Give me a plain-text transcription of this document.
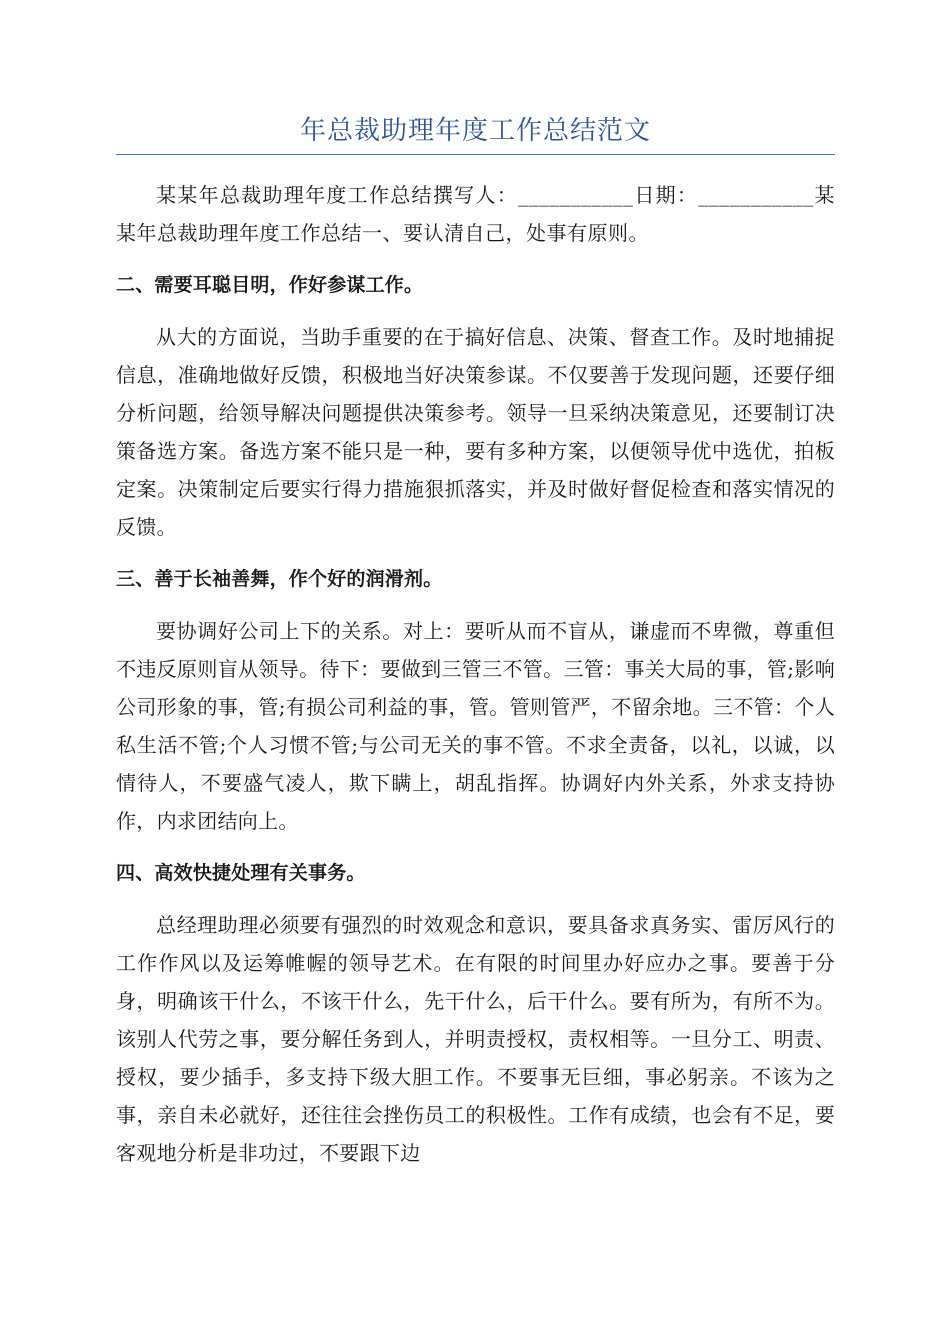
年总裁助理年度工作总结范文

某某年总裁助理年度工作总结撰写人：___________日期：___________某某年总裁助理年度工作总结一、要认清自己，处事有原则。

二、需要耳聪目明，作好参谋工作。

从大的方面说，当助手重要的在于搞好信息、决策、督查工作。及时地捕捉信息，准确地做好反馈，积极地当好决策参谋。不仅要善于发现问题，还要仔细分析问题，给领导解决问题提供决策参考。领导一旦采纳决策意见，还要制订决策备选方案。备选方案不能只是一种，要有多种方案，以便领导优中选优，拍板定案。决策制定后要实行得力措施狠抓落实，并及时做好督促检查和落实情况的反馈。

三、善于长袖善舞，作个好的润滑剂。

要协调好公司上下的关系。对上：要听从而不盲从，谦虚而不卑微，尊重但不违反原则盲从领导。待下：要做到三管三不管。三管：事关大局的事，管;影响公司形象的事，管;有损公司利益的事，管。管则管严，不留余地。三不管：个人私生活不管;个人习惯不管;与公司无关的事不管。不求全责备，以礼，以诚，以情待人，不要盛气凌人，欺下瞒上，胡乱指挥。协调好内外关系，外求支持协作，内求团结向上。

四、高效快捷处理有关事务。

总经理助理必须要有强烈的时效观念和意识，要具备求真务实、雷厉风行的工作作风以及运筹帷幄的领导艺术。在有限的时间里办好应办之事。要善于分身，明确该干什么，不该干什么，先干什么，后干什么。要有所为，有所不为。该别人代劳之事，要分解任务到人，并明责授权，责权相等。一旦分工、明责、授权，要少插手，多支持下级大胆工作。不要事无巨细，事必躬亲。不该为之事，亲自未必就好，还往往会挫伤员工的积极性。工作有成绩，也会有不足，要客观地分析是非功过，不要跟下边
